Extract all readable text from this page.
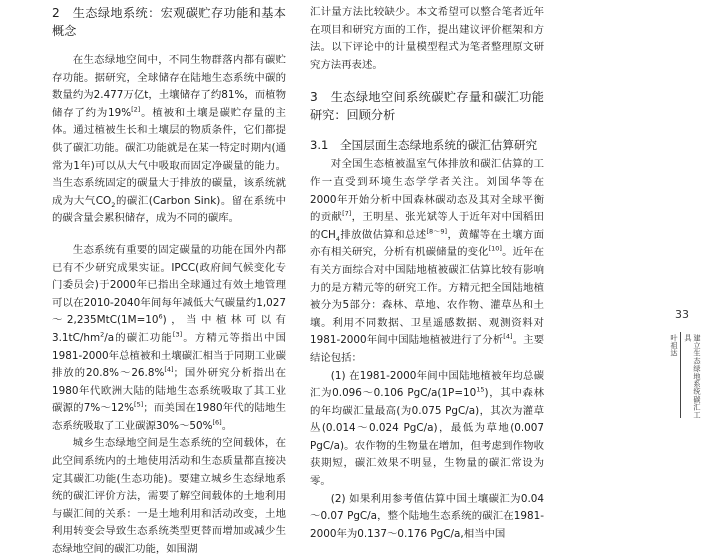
2　生态绿地系统：宏观碳贮存功能和基本概念

在生态绿地空间中，不同生物群落内都有碳贮存功能。据研究，全球储存在陆地生态系统中碳的数量约为2.477万亿t，土壤储存了约81%，而植物储存了约为19%[2]。植被和土壤是碳贮存量的主体。通过植被生长和土壤层的物质条件，它们都提供了碳汇功能。碳汇功能就是在某一特定时期内(通常为1年)可以从大气中吸取而固定净碳量的能力。当生态系统固定的碳量大于排放的碳量，该系统就成为大气$CO_2$的碳汇(Carbon Sink)。留在系统中的碳含量会累积储存，成为不同的碳库。

生态系统有重要的固定碳量的功能在国外内都已有不少研究成果实证。IPCC(政府间气候变化专门委员会)于2000年已指出全球通过有效土地管理可以在2010-2040年间每年减低大气碳量约$1,027\sim 2,235MtC(1M=10^6)$，当中植林可以有$3.1tC/hm^2/a$的碳汇功能[3]。方精元等指出中国1981-2000年总植被和土壤碳汇相当于同期工业碳排放的20.8%～26.8%[4]；国外研究分析指出在1980年代欧洲大陆的陆地生态系统吸取了其工业碳源的7%～12%[5]；而美国在1980年代的陆地生态系统吸取了工业碳源30%～50%[6]。

城乡生态绿地空间是生态系统的空间载体，在此空间系统内的土地使用活动和生态质量都直接决定其碳汇功能(生态功能)。要建立城乡生态绿地系统的碳汇评价方法，需要了解空间载体的土地利用与碳汇间的关系：一是土地利用和活动改变，土地利用转变会导致生态系统类型更替而增加或减少生态绿地空间的碳汇功能，如围湖

汇计量方法比较缺少。本文希望可以整合笔者近年在项目和研究方面的工作，提出建议评价框架和方法。以下评论中的计量模型程式为笔者整理原文研究方法再表述。

3　生态绿地空间系统碳贮存量和碳汇功能研究：回顾分析
3.1　全国层面生态绿地系统的碳汇估算研究

对全国生态植被温室气体排放和碳汇估算的工作一直受到环境生态学学者关注。刘国华等在2000年开始分析中国森林碳动态及其对全球平衡的贡献[7]，王明星、张光斌等人于近年对中国稻田的$CH_4$排放做估算和总述[8～9]，黄耀等在土壤方面亦有相关研究，分析有机碳储量的变化[10]。近年在有关方面综合对中国陆地植被碳汇估算比较有影响力的是方精元等的研究工作。方精元把全国陆地植被分为5部分：森林、草地、农作物、灌草丛和土壤。利用不同数据、卫星遥感数据、观测资料对1981-2000年间中国陆地植被进行了分析[4]。主要结论包括：

(1) 在1981-2000年间中国陆地植被年均总碳汇为0.096～0.106 PgC/$a(1P=10^{15})$，其中森林的年均碳汇量最高(为0.075 PgC/a)，其次为灌草丛(0.014～0.024 PgC/a)，最低为草地(0.007 PgC/a)。农作物的生物量在增加，但考虑到作物收获期短，碳汇效果不明显，生物量的碳汇常设为零。

(2) 如果利用参考值估算中国土壤碳汇为0.04～0.07 PgC/a，整个陆地生态系统的碳汇在1981-2000年为0.137～0.176 PgC/a,相当中国

33
叶祖达	建立生态绿地系统碳汇工具
